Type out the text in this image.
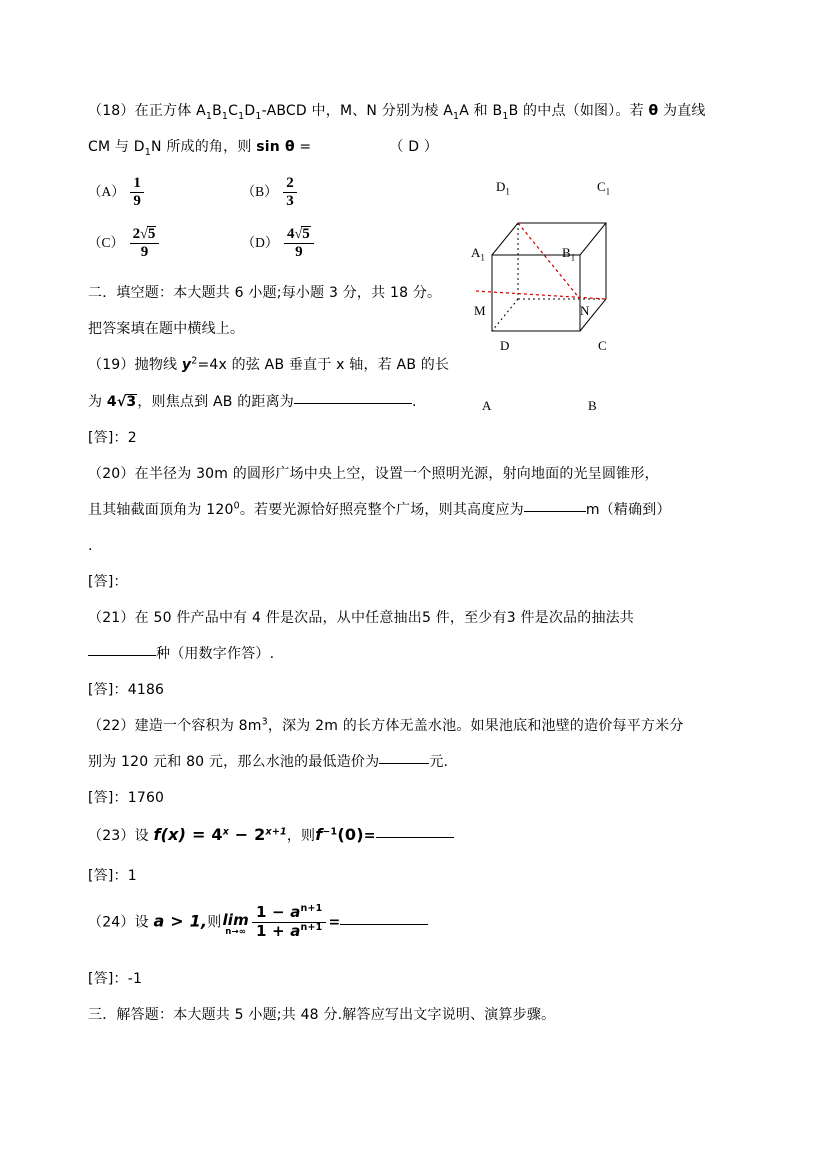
$D_1$	$C_1$
$A_1$	$B_1$
M	N
D	C
A	B
（18）在正方体 $A_1B_1C_1D_1$-ABCD 中，M、N 分别为棱 $A_1A$ 和 $B_1B$ 的中点（如图）。若 θ 为直线
CM 与 $D_1N$ 所成的角，则 sin θ =	（ D ）
$(A) \frac{1}{9}$	$(B) \frac{2}{3}$
$(C) \frac{2√5}{9}$	$(D) \frac{4√5}{9}$
二．填空题：本大题共 6 小题;每小题 3 分，共 18 分。
把答案填在题中横线上。
（19）抛物线 $y^2=4x$ 的弦 AB 垂直于 x 轴，若 AB 的长
为 4√3，则焦点到 AB 的距离为	.
[答]：2
（20）在半径为 30m 的圆形广场中央上空，设置一个照明光源，射向地面的光呈圆锥形，
且其轴截面顶角为 $120^0$。若要光源恰好照亮整个广场，则其高度应为	m（精确到）
.
[答]：
（21）在 50 件产品中有 4 件是次品，从中任意抽出5 件，至少有3 件是次品的抽法共
种（用数字作答）.
[答]：4186
（22）建造一个容积为 $8m^3$，深为 2m 的长方体无盖水池。如果池底和池壁的造价每平方米分
别为 120 元和 80 元，那么水池的最低造价为	元.
[答]：1760
（23）设 $f(x) = 4^x - 2^{x+1}$，则$f^{-1}(0)=$
[答]：1
（24）设 a > 1,则 lim
$n\to\infty \frac{1 - a^{n+1}}{1 + a^{n+1}}$ =
[答]：-1
三．解答题：本大题共 5 小题;共 48 分.解答应写出文字说明、演算步骤。
